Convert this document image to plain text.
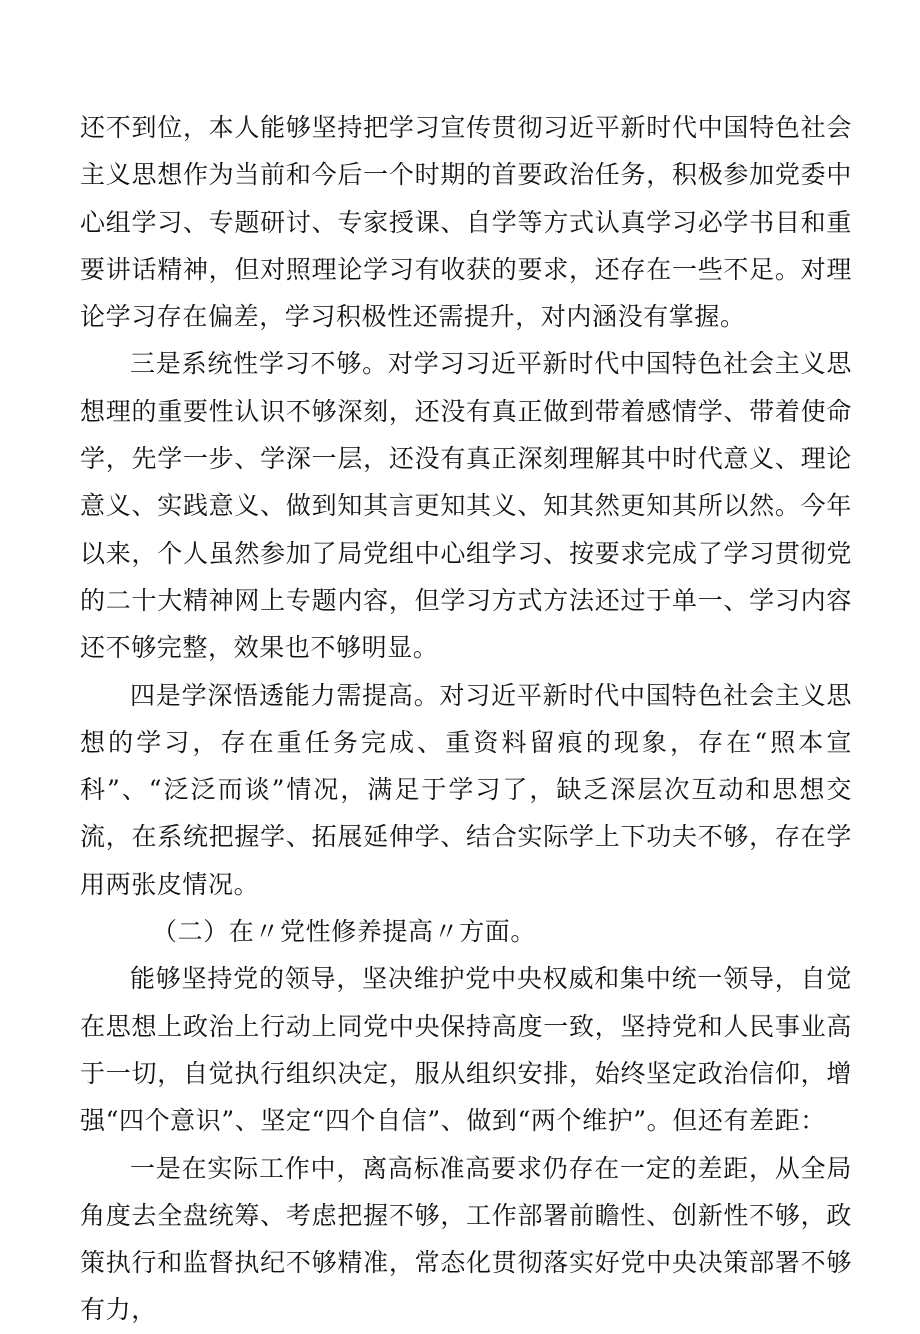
还不到位，本人能够坚持把学习宣传贯彻习近平新时代中国特色社会主义思想作为当前和今后一个时期的首要政治任务，积极参加党委中心组学习、专题研讨、专家授课、自学等方式认真学习必学书目和重要讲话精神，但对照理论学习有收获的要求，还存在一些不足。对理论学习存在偏差，学习积极性还需提升，对内涵没有掌握。

三是系统性学习不够。对学习习近平新时代中国特色社会主义思想理的重要性认识不够深刻，还没有真正做到带着感情学、带着使命学，先学一步、学深一层，还没有真正深刻理解其中时代意义、理论意义、实践意义、做到知其言更知其义、知其然更知其所以然。今年以来，个人虽然参加了局党组中心组学习、按要求完成了学习贯彻党的二十大精神网上专题内容，但学习方式方法还过于单一、学习内容还不够完整，效果也不够明显。

四是学深悟透能力需提高。对习近平新时代中国特色社会主义思想的学习，存在重任务完成、重资料留痕的现象，存在“照本宣科”、“泛泛而谈”情况，满足于学习了，缺乏深层次互动和思想交流，在系统把握学、拓展延伸学、结合实际学上下功夫不够，存在学用两张皮情况。

（二）在〃党性修养提高〃方面。

能够坚持党的领导，坚决维护党中央权威和集中统一领导，自觉在思想上政治上行动上同党中央保持高度一致，坚持党和人民事业高于一切，自觉执行组织决定，服从组织安排，始终坚定政治信仰，增强“四个意识”、坚定“四个自信”、做到“两个维护”。但还有差距：

一是在实际工作中，离高标准高要求仍存在一定的差距，从全局角度去全盘统筹、考虑把握不够，工作部署前瞻性、创新性不够，政策执行和监督执纪不够精准，常态化贯彻落实好党中央决策部署不够有力，
